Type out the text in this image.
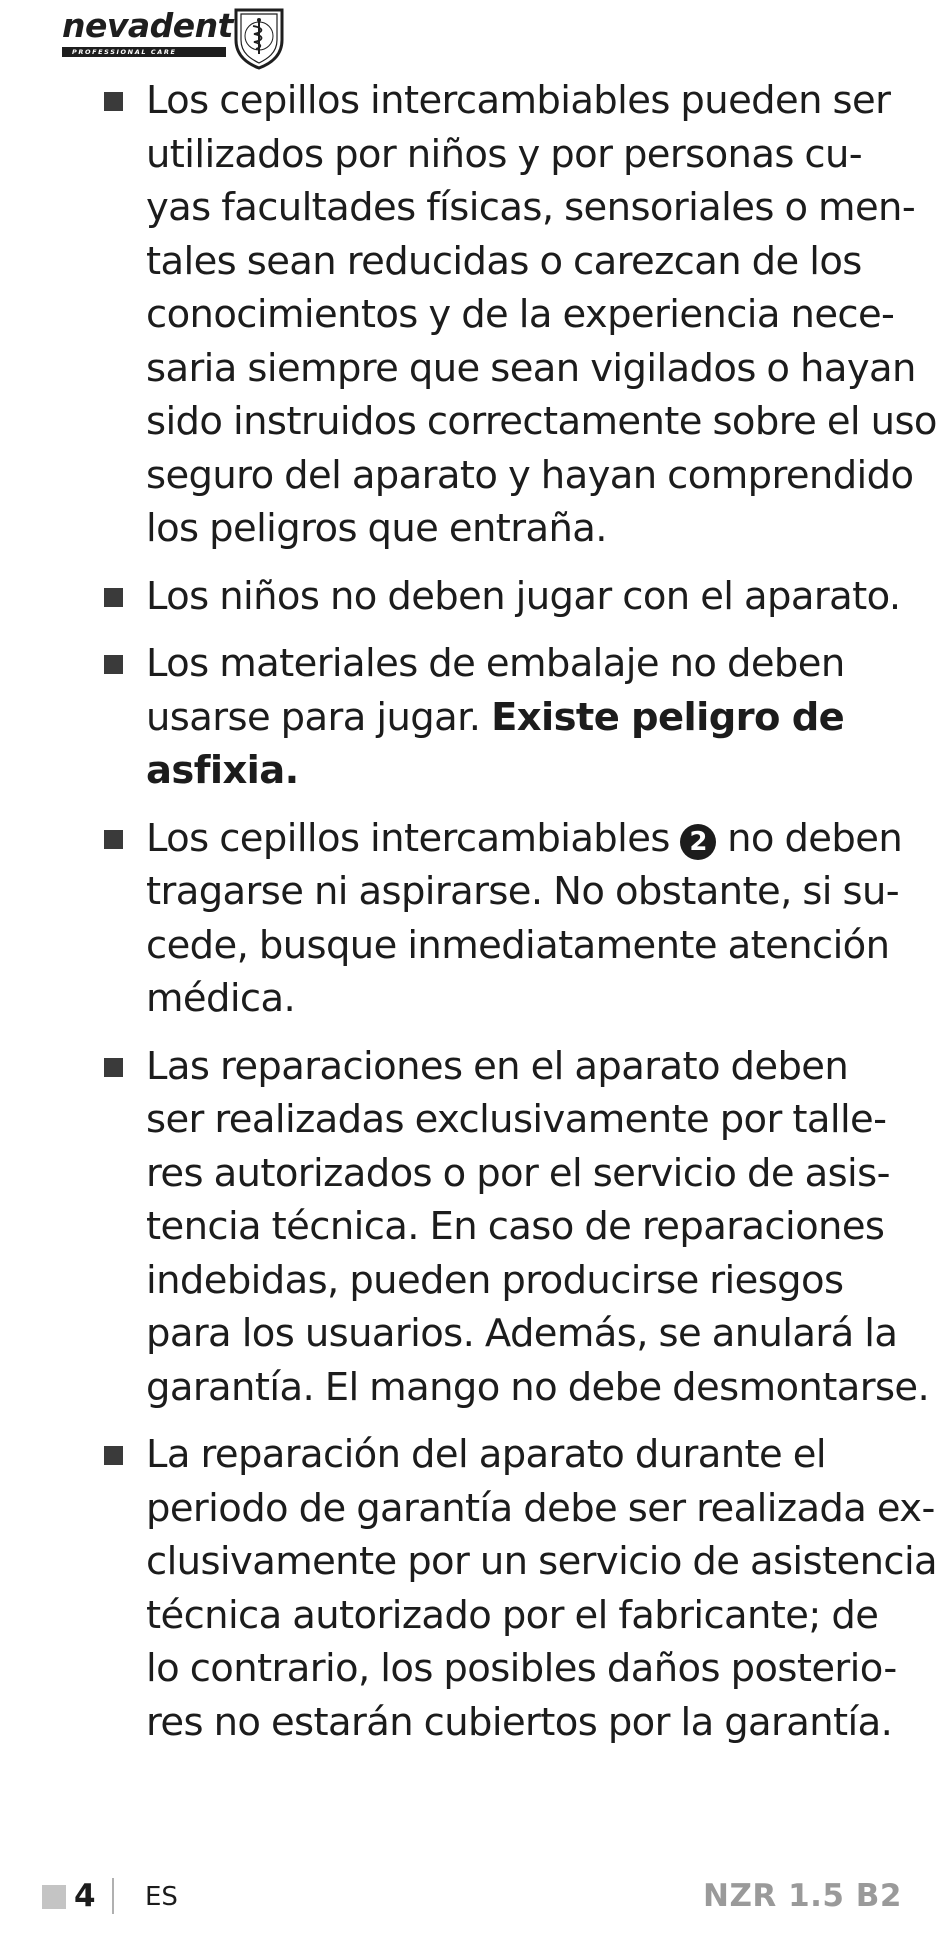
nevadent
PROFESSIONAL CARE
Los cepillos intercambiables pueden ser
utilizados por niños y por personas cu-
yas facultades físicas, sensoriales o men-
tales sean reducidas o carezcan de los
conocimientos y de la experiencia nece-
saria siempre que sean vigilados o hayan
sido instruidos correctamente sobre el uso
seguro del aparato y hayan comprendido
los peligros que entraña.
Los niños no deben jugar con el aparato.
Los materiales de embalaje no deben
usarse para jugar. Existe peligro de
asfixia.
Los cepillos intercambiables 2 no deben
tragarse ni aspirarse. No obstante, si su-
cede, busque inmediatamente atención
médica.
Las reparaciones en el aparato deben
ser realizadas exclusivamente por talle-
res autorizados o por el servicio de asis-
tencia técnica. En caso de reparaciones
indebidas, pueden producirse riesgos
para los usuarios. Además, se anulará la
garantía. El mango no debe desmontarse.
La reparación del aparato durante el
periodo de garantía debe ser realizada ex-
clusivamente por un servicio de asistencia
técnica autorizado por el fabricante; de
lo contrario, los posibles daños posterio-
res no estarán cubiertos por la garantía.
4 ES	NZR 1.5 B2
